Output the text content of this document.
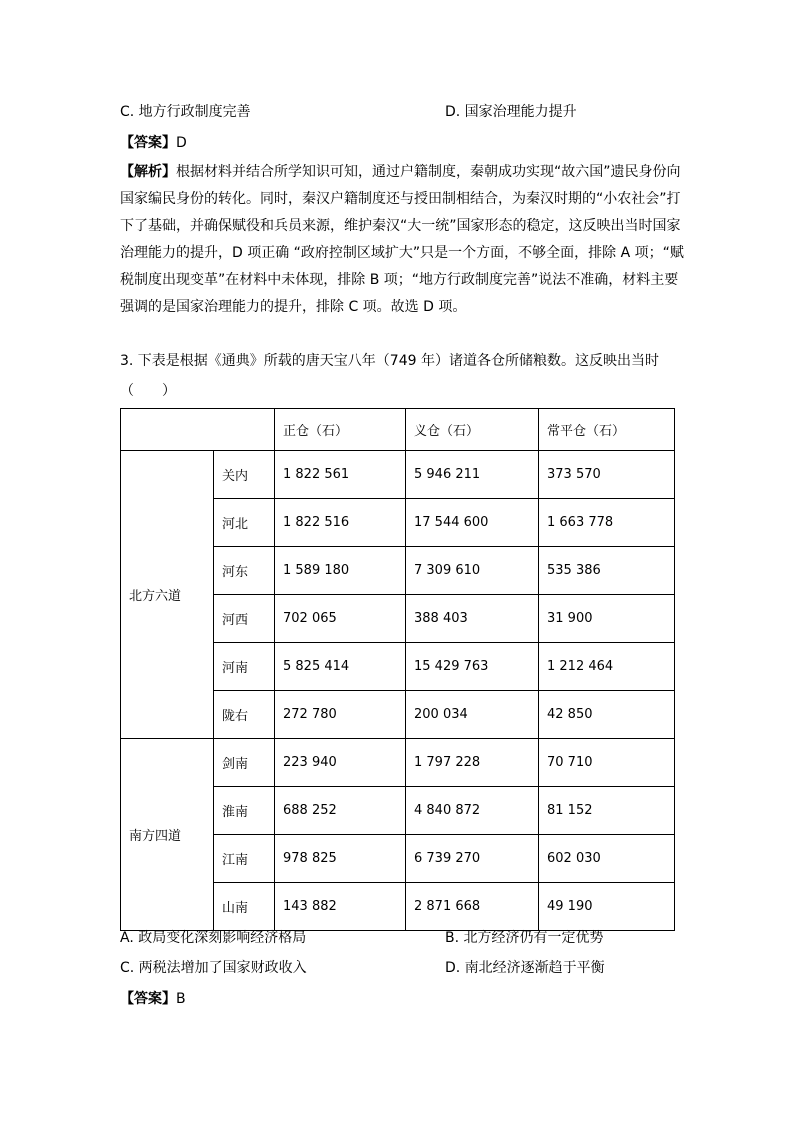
C. 地方行政制度完善	D. 国家治理能力提升
【答案】D
【解析】根据材料并结合所学知识可知，通过户籍制度，秦朝成功实现“故六国”遗民身份向
国家编民身份的转化。同时，秦汉户籍制度还与授田制相结合，为秦汉时期的“小农社会”打
下了基础，并确保赋役和兵员来源，维护秦汉“大一统”国家形态的稳定，这反映出当时国家
治理能力的提升，D 项正确 “政府控制区域扩大”只是一个方面，不够全面，排除 A 项；“赋
税制度出现变革”在材料中未体现，排除 B 项；“地方行政制度完善”说法不准确，材料主要
强调的是国家治理能力的提升，排除 C 项。故选 D 项。
3. 下表是根据《通典》所载的唐天宝八年（749 年）诸道各仓所储粮数。这反映出当时
（　　）
		正仓（石）	义仓（石）	常平仓（石）
北方六道	关内	1 822 561	5 946 211	373 570
	河北	1 822 516	17 544 600	1 663 778
	河东	1 589 180	7 309 610	535 386
	河西	702 065	388 403	31 900
	河南	5 825 414	15 429 763	1 212 464
	陇右	272 780	200 034	42 850
南方四道	剑南	223 940	1 797 228	70 710
	淮南	688 252	4 840 872	81 152
	江南	978 825	6 739 270	602 030
	山南	143 882	2 871 668	49 190
A. 政局变化深刻影响经济格局	B. 北方经济仍有一定优势
C. 两税法增加了国家财政收入	D. 南北经济逐渐趋于平衡
【答案】B
